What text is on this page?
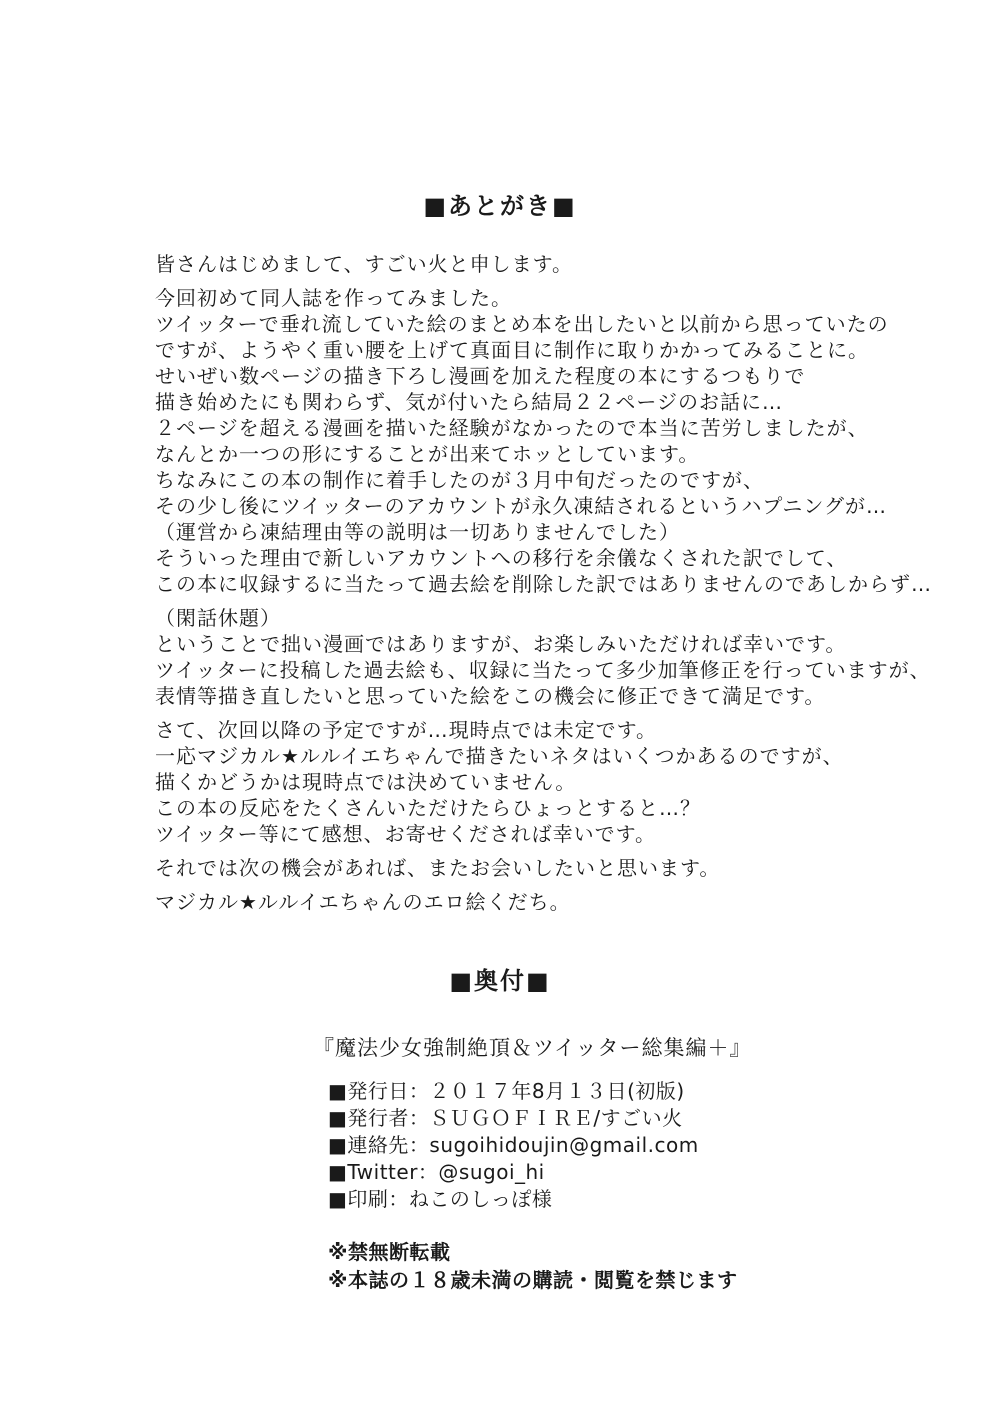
■あとがき■
皆さんはじめまして、すごい火と申します。
今回初めて同人誌を作ってみました。
ツイッターで垂れ流していた絵のまとめ本を出したいと以前から思っていたの
ですが、ようやく重い腰を上げて真面目に制作に取りかかってみることに。
せいぜい数ページの描き下ろし漫画を加えた程度の本にするつもりで
描き始めたにも関わらず、気が付いたら結局２２ページのお話に…
２ページを超える漫画を描いた経験がなかったので本当に苦労しましたが、
なんとか一つの形にすることが出来てホッとしています。
ちなみにこの本の制作に着手したのが３月中旬だったのですが、
その少し後にツイッターのアカウントが永久凍結されるというハプニングが…
（運営から凍結理由等の説明は一切ありませんでした）
そういった理由で新しいアカウントへの移行を余儀なくされた訳でして、
この本に収録するに当たって過去絵を削除した訳ではありませんのであしからず…
（閑話休題）
ということで拙い漫画ではありますが、お楽しみいただければ幸いです。
ツイッターに投稿した過去絵も、収録に当たって多少加筆修正を行っていますが、
表情等描き直したいと思っていた絵をこの機会に修正できて満足です。
さて、次回以降の予定ですが…現時点では未定です。
一応マジカル★ルルイエちゃんで描きたいネタはいくつかあるのですが、
描くかどうかは現時点では決めていません。
この本の反応をたくさんいただけたらひょっとすると…？
ツイッター等にて感想、お寄せくだされば幸いです。
それでは次の機会があれば、またお会いしたいと思います。
マジカル★ルルイエちゃんのエロ絵くだち。
■奥付■
『魔法少女強制絶頂＆ツイッター総集編＋』
■発行日：２０１７年8月１３日(初版)
■発行者：ＳＵＧＯＦＩＲＥ/すごい火
■連絡先：sugoihidoujin@gmail.com
■Twitter：@sugoi_hi
■印刷：ねこのしっぽ様
※禁無断転載
※本誌の１８歳未満の購読・閲覧を禁じます
